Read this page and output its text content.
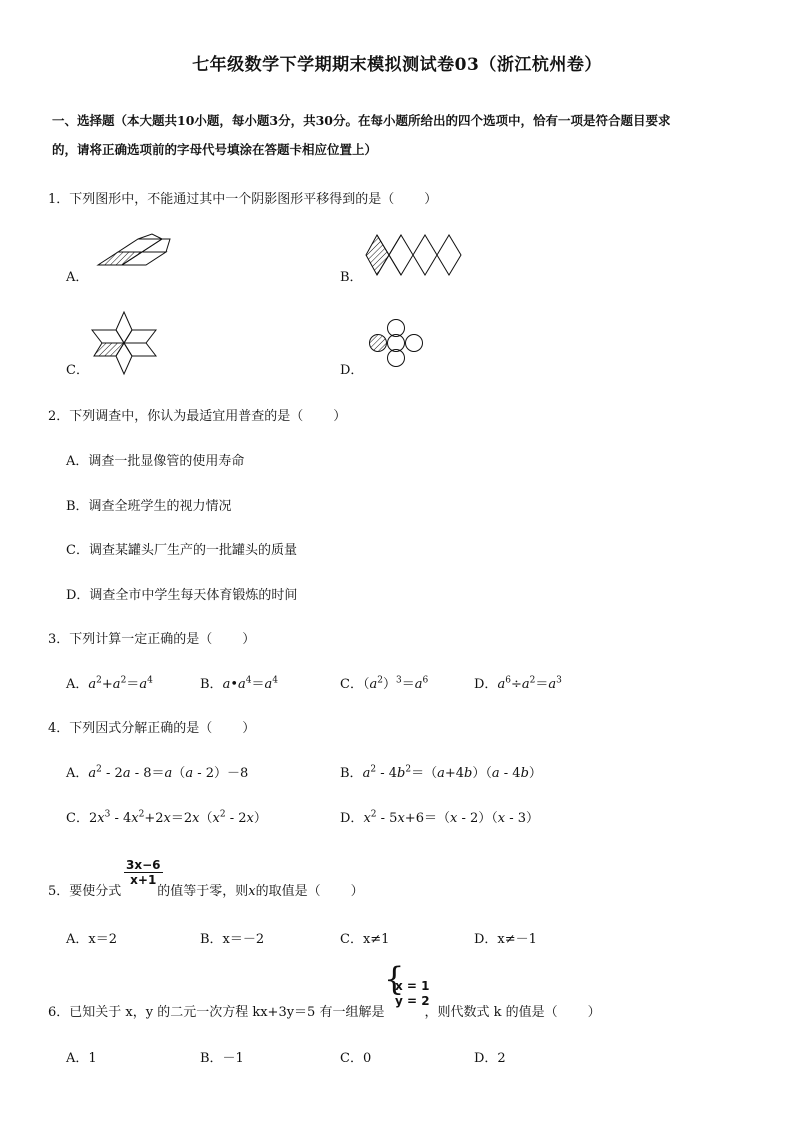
七年级数学下学期期末模拟测试卷03（浙江杭州卷）
一、选择题（本大题共10小题，每小题3分，共30分。在每小题所给出的四个选项中，恰有一项是符合题目要求
的，请将正确选项前的字母代号填涂在答题卡相应位置上）
1．下列图形中，不能通过其中一个阴影图形平移得到的是（ ）
A．	B．
C．	D．
2．下列调查中，你认为最适宜用普查的是（ ）
A．调查一批显像管的使用寿命
B．调查全班学生的视力情况
C．调查某罐头厂生产的一批罐头的质量
D．调查全市中学生每天体育锻炼的时间
3．下列计算一定正确的是（ ）
A．$a^2+a^2=a^4$	B．$a•a^4=a^4$	C．$(a^2)^3=a^6$	D．$a^6\div a^2=a^3$
4．下列因式分解正确的是（ ）
A．$a^2 - 2a - 8=a(a - 2)-8$	B．$a^2 - 4b^2=(a+4b)(a - 4b)$
C．$2x^3 - 4x^2+2x=2x(x^2 - 2x)$	D．$x^2 - 5x+6=(x - 2)(x - 3)$
5．要使分式	的值等于零，则x的取值是（ ）
$\frac{3x-6}{x+1}$
A．x＝2	B．x＝－2	C．x≠1	D．x≠－1
6．已知关于 x，y 的二元一次方程 kx+3y＝5 有一组解是	，则代数式 k 的值是（ ）
{
x = 1
y = 2
A．1	B．－1	C．0	D．2
